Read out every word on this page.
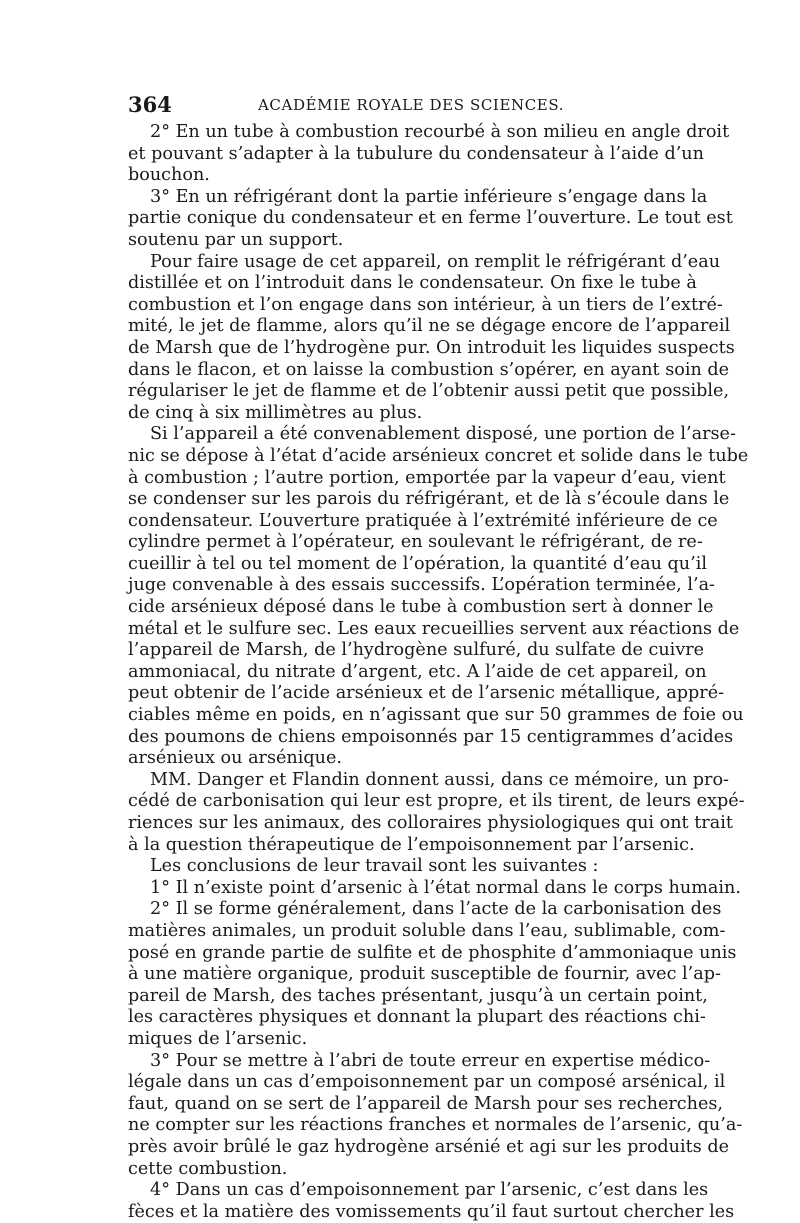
364	ACADÉMIE ROYALE DES SCIENCES.
2° En un tube à combustion recourbé à son milieu en angle droit
et pouvant s’adapter à la tubulure du condensateur à l’aide d’un
bouchon.
3° En un réfrigérant dont la partie inférieure s’engage dans la
partie conique du condensateur et en ferme l’ouverture. Le tout est
soutenu par un support.
Pour faire usage de cet appareil, on remplit le réfrigérant d’eau
distillée et on l’introduit dans le condensateur. On fixe le tube à
combustion et l’on engage dans son intérieur, à un tiers de l’extré-
mité, le jet de flamme, alors qu’il ne se dégage encore de l’appareil
de Marsh que de l’hydrogène pur. On introduit les liquides suspects
dans le flacon, et on laisse la combustion s’opérer, en ayant soin de
régulariser le jet de flamme et de l’obtenir aussi petit que possible,
de cinq à six millimètres au plus.
Si l’appareil a été convenablement disposé, une portion de l’arse-
nic se dépose à l’état d’acide arsénieux concret et solide dans le tube
à combustion ; l’autre portion, emportée par la vapeur d’eau, vient
se condenser sur les parois du réfrigérant, et de là s’écoule dans le
condensateur. L’ouverture pratiquée à l’extrémité inférieure de ce
cylindre permet à l’opérateur, en soulevant le réfrigérant, de re-
cueillir à tel ou tel moment de l’opération, la quantité d’eau qu’il
juge convenable à des essais successifs. L’opération terminée, l’a-
cide arsénieux déposé dans le tube à combustion sert à donner le
métal et le sulfure sec. Les eaux recueillies servent aux réactions de
l’appareil de Marsh, de l’hydrogène sulfuré, du sulfate de cuivre
ammoniacal, du nitrate d’argent, etc. A l’aide de cet appareil, on
peut obtenir de l’acide arsénieux et de l’arsenic métallique, appré-
ciables même en poids, en n’agissant que sur 50 grammes de foie ou
des poumons de chiens empoisonnés par 15 centigrammes d’acides
arsénieux ou arsénique.
MM. Danger et Flandin donnent aussi, dans ce mémoire, un pro-
cédé de carbonisation qui leur est propre, et ils tirent, de leurs expé-
riences sur les animaux, des colloraires physiologiques qui ont trait
à la question thérapeutique de l’empoisonnement par l’arsenic.
Les conclusions de leur travail sont les suivantes :
1° Il n’existe point d’arsenic à l’état normal dans le corps humain.
2° Il se forme généralement, dans l’acte de la carbonisation des
matières animales, un produit soluble dans l’eau, sublimable, com-
posé en grande partie de sulfite et de phosphite d’ammoniaque unis
à une matière organique, produit susceptible de fournir, avec l’ap-
pareil de Marsh, des taches présentant, jusqu’à un certain point,
les caractères physiques et donnant la plupart des réactions chi-
miques de l’arsenic.
3° Pour se mettre à l’abri de toute erreur en expertise médico-
légale dans un cas d’empoisonnement par un composé arsénical, il
faut, quand on se sert de l’appareil de Marsh pour ses recherches,
ne compter sur les réactions franches et normales de l’arsenic, qu’a-
près avoir brûlé le gaz hydrogène arsénié et agi sur les produits de
cette combustion.
4° Dans un cas d’empoisonnement par l’arsenic, c’est dans les
fèces et la matière des vomissements qu’il faut surtout chercher les
